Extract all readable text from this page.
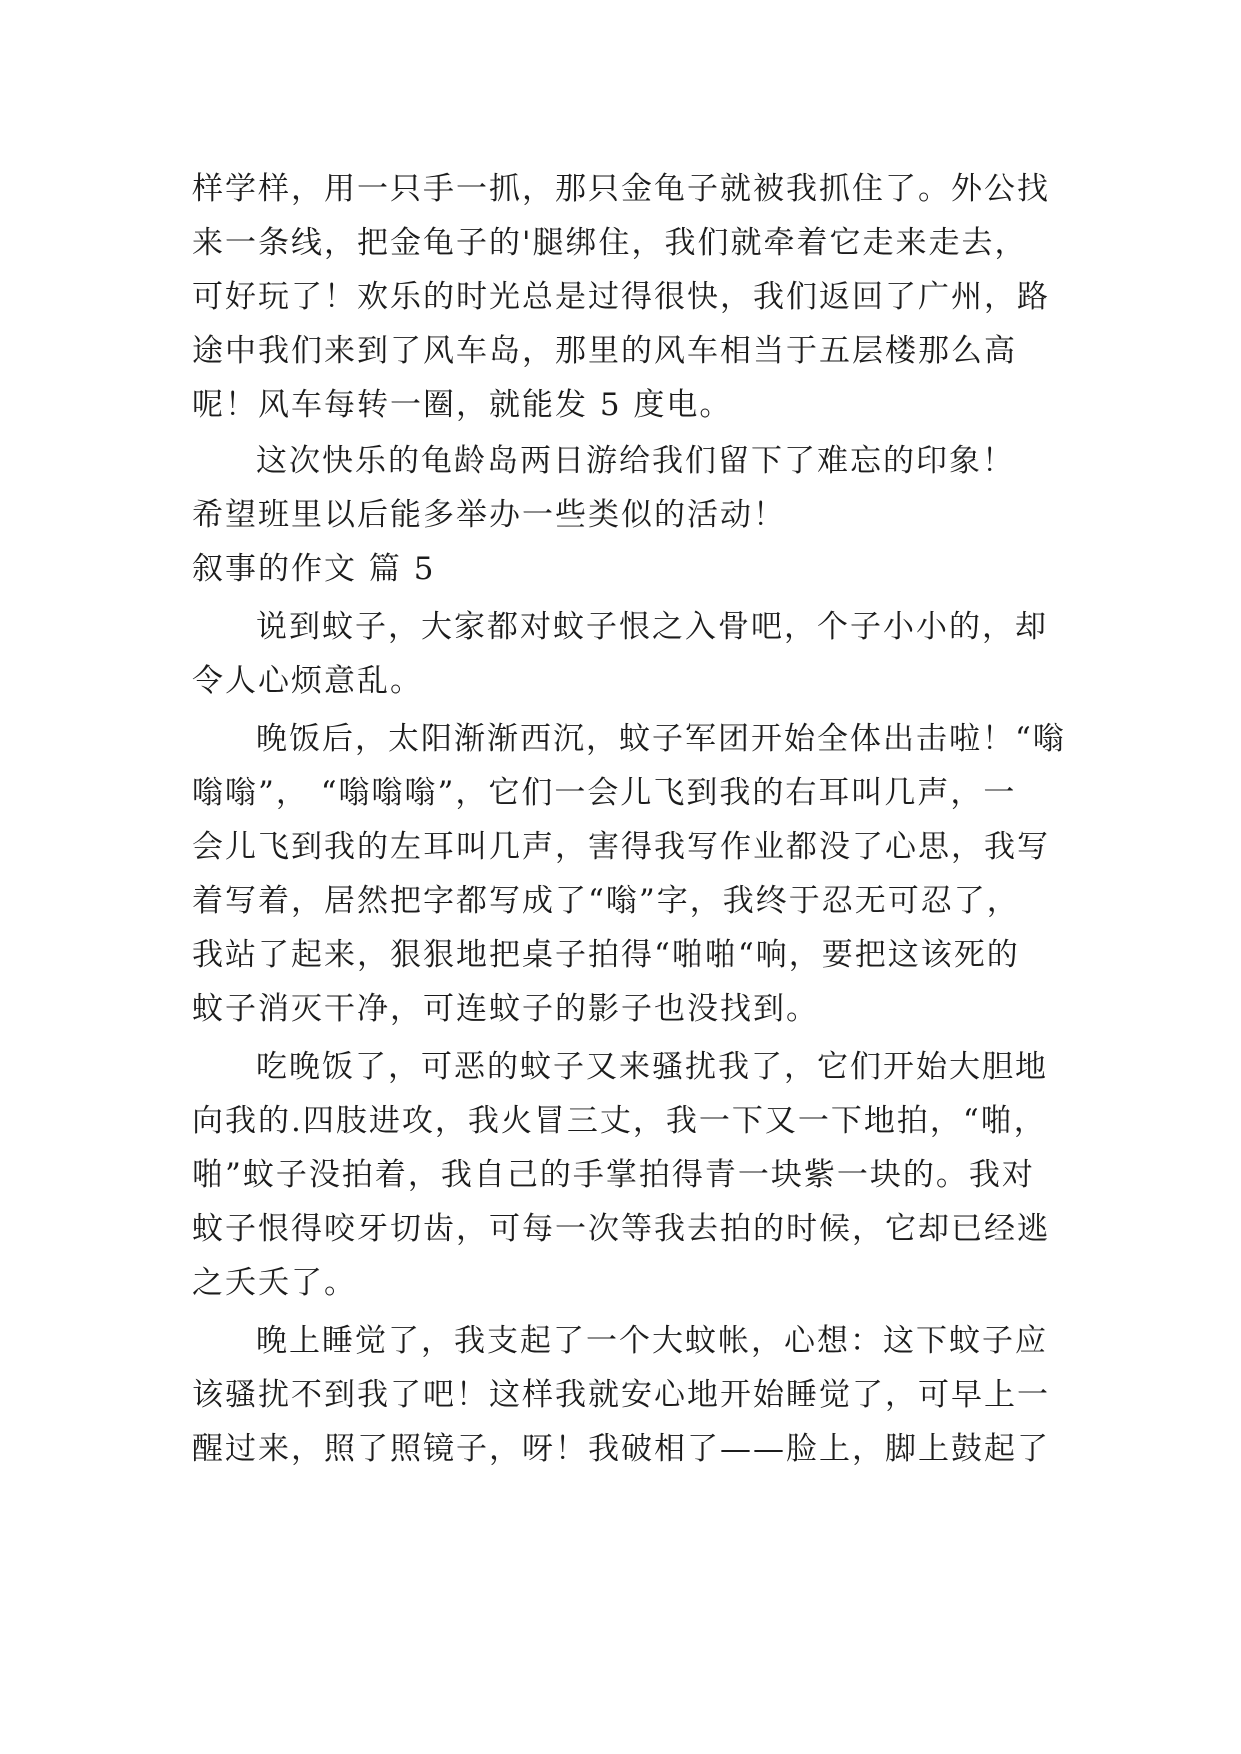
样学样，用一只手一抓，那只金龟子就被我抓住了。外公找
来一条线，把金龟子的'腿绑住，我们就牵着它走来走去，
可好玩了！欢乐的时光总是过得很快，我们返回了广州，路
途中我们来到了风车岛，那里的风车相当于五层楼那么高
呢！风车每转一圈，就能发 5 度电。
这次快乐的龟龄岛两日游给我们留下了难忘的印象！
希望班里以后能多举办一些类似的活动！
叙事的作文 篇 5
说到蚊子，大家都对蚊子恨之入骨吧，个子小小的，却
令人心烦意乱。
晚饭后，太阳渐渐西沉，蚊子军团开始全体出击啦！“嗡
嗡嗡”， “嗡嗡嗡”，它们一会儿飞到我的右耳叫几声，一
会儿飞到我的左耳叫几声，害得我写作业都没了心思，我写
着写着，居然把字都写成了“嗡”字，我终于忍无可忍了，
我站了起来，狠狠地把桌子拍得“啪啪“响，要把这该死的
蚊子消灭干净，可连蚊子的影子也没找到。
吃晚饭了，可恶的蚊子又来骚扰我了，它们开始大胆地
向我的.四肢进攻，我火冒三丈，我一下又一下地拍，“啪，
啪”蚊子没拍着，我自己的手掌拍得青一块紫一块的。我对
蚊子恨得咬牙切齿，可每一次等我去拍的时候，它却已经逃
之夭夭了。
晚上睡觉了，我支起了一个大蚊帐，心想：这下蚊子应
该骚扰不到我了吧！这样我就安心地开始睡觉了，可早上一
醒过来，照了照镜子，呀！我破相了——脸上，脚上鼓起了
